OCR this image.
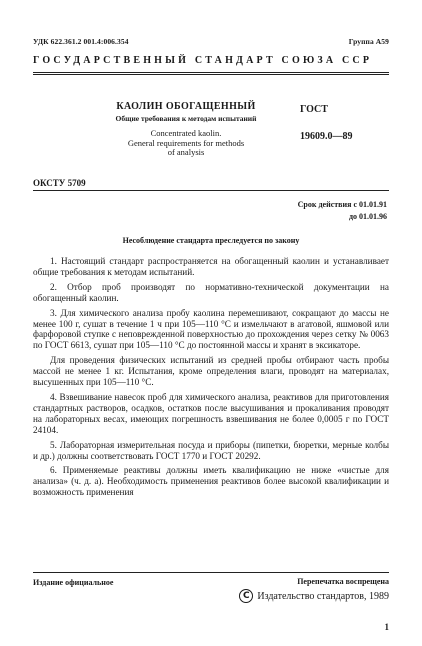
УДК 622.361.2 001.4:006.354	Группа А59
ГОСУДАРСТВЕННЫЙ СТАНДАРТ СОЮЗА ССР
КАОЛИН ОБОГАЩЕННЫЙ
Общие требования к методам испытаний
Concentrated kaolin.
General requirements for methods
of analysis
ГОСТ
19609.0—89
ОКСТУ 5709
Срок действия с 01.01.91
до 01.01.96
Несоблюдение стандарта преследуется по закону

1. Настоящий стандарт распространяется на обогащенный каолин и устанавливает общие требования к методам испытаний.

2. Отбор проб производят по нормативно-технической документации на обогащенный каолин.

3. Для химического анализа пробу каолина перемешивают, сокращают до массы не менее 100 г, сушат в течение 1 ч при 105—110 °C и измельчают в агатовой, яшмовой или фарфоровой ступке с неповрежденной поверхностью до прохождения через сетку № 0063 по ГОСТ 6613, сушат при 105—110 °C до постоянной массы и хранят в эксикаторе.

Для проведения физических испытаний из средней пробы отбирают часть пробы массой не менее 1 кг. Испытания, кроме определения влаги, проводят на материалах, высушенных при 105—110 °C.

4. Взвешивание навесок проб для химического анализа, реактивов для приготовления стандартных растворов, осадков, остатков после высушивания и прокаливания проводят на лабораторных весах, имеющих погрешность взвешивания не более 0,0005 г по ГОСТ 24104.

5. Лабораторная измерительная посуда и приборы (пипетки, бюретки, мерные колбы и др.) должны соответствовать ГОСТ 1770 и ГОСТ 20292.

6. Применяемые реактивы должны иметь квалификацию не ниже «чистые для анализа» (ч. д. а). Необходимость применения реактивов более высокой квалификации и возможность применения

Издание официальное	Перепечатка воспрещена
C Издательство стандартов, 1989
1
